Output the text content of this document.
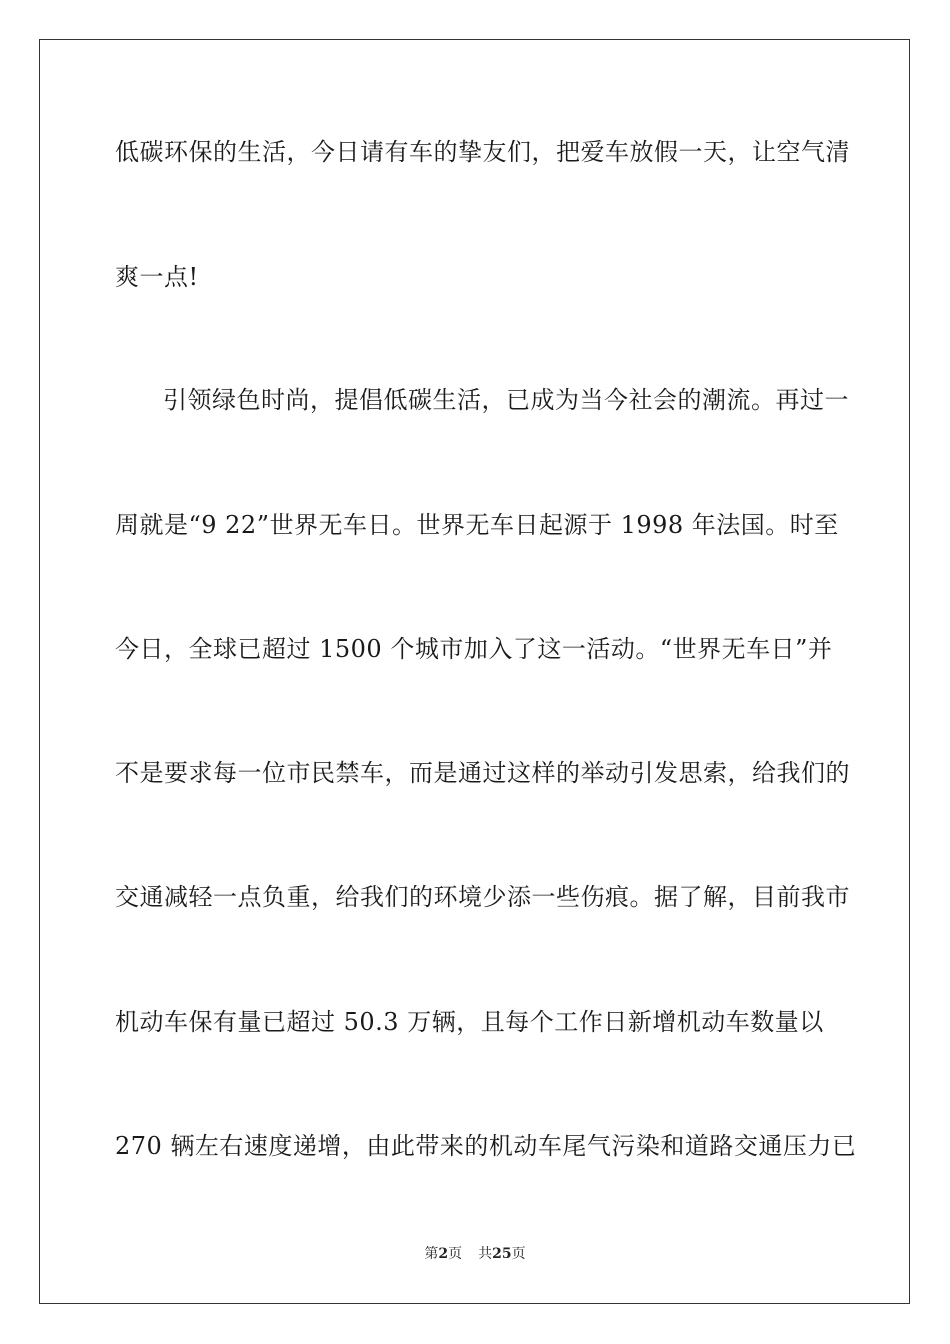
低碳环保的生活，今日请有车的挚友们，把爱车放假一天，让空气清
爽一点!
引领绿色时尚，提倡低碳生活，已成为当今社会的潮流。再过一
周就是“9 22”世界无车日。世界无车日起源于 1998 年法国。时至
今日，全球已超过 1500 个城市加入了这一活动。“世界无车日”并
不是要求每一位市民禁车，而是通过这样的举动引发思索，给我们的
交通减轻一点负重，给我们的环境少添一些伤痕。据了解，目前我市
机动车保有量已超过 50.3 万辆，且每个工作日新增机动车数量以
270 辆左右速度递增，由此带来的机动车尾气污染和道路交通压力已
第2页 共25页
